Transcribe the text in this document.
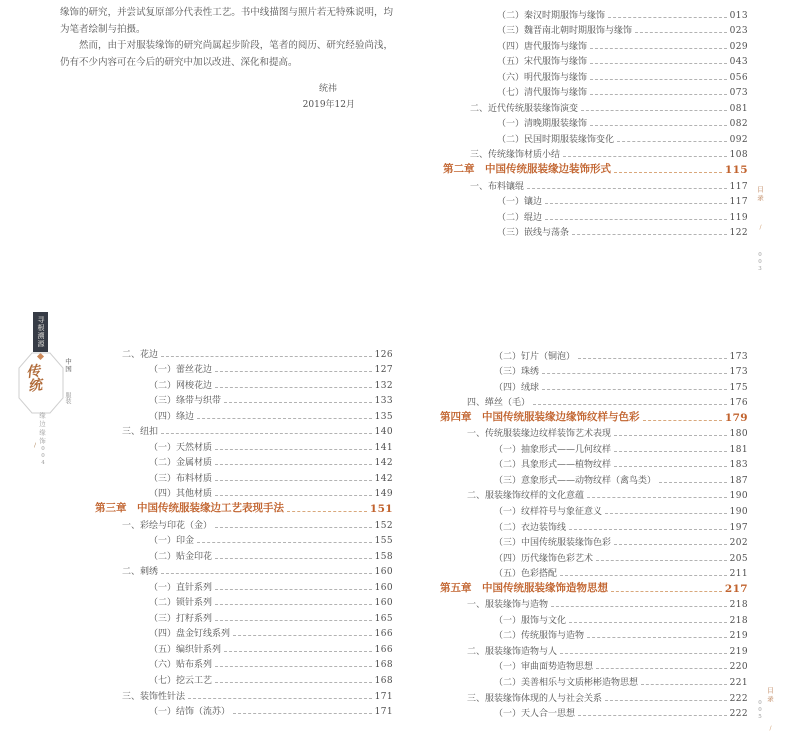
缘饰的研究，并尝试复原部分代表性工艺。书中线描图与照片若无特殊说明，均为笔者绘制与拍摄。

然而，由于对服装缘饰的研究尚属起步阶段，笔者的阅历、研究经验尚浅，仍有不少内容可在今后的研究中加以改进、深化和提高。

统祎
2019年12月
（二）秦汉时期服饰与缘饰	013
（三）魏晋南北朝时期服饰与缘饰	023
（四）唐代服饰与缘饰	029
（五）宋代服饰与缘饰	043
（六）明代服饰与缘饰	056
（七）清代服饰与缘饰	073
二、近代传统服装缘饰演变	081
（一）清晚期服装缘饰	082
（二）民国时期服装缘饰变化	092
三、传统缘饰材质小结	108
第二章　中国传统服装缘边装饰形式	115
一、布料镶绲	117
（一）镶边	117
（二）绲边	119
（三）嵌线与荡条	122
二、花边	126
（一）蕾丝花边	127
（二）网梭花边	132
（三）绦带与织带	133
（四）绦边	135
三、纽扣	140
（一）天然材质	141
（二）金属材质	142
（三）布料材质	142
（四）其他材质	149
第三章　中国传统服装缘边工艺表现手法	151
一、彩绘与印花（金）	152
（一）印金	155
（二）贴金印花	158
二、刺绣	160
（一）直针系列	160
（二）锁针系列	160
（三）打籽系列	165
（四）盘金钉线系列	166
（五）编织针系列	166
（六）贴布系列	168
（七）挖云工艺	168
三、装饰性针法	171
（一）结饰（流苏）	171
（二）钉片（铜泡）	173
（三）珠绣	173
（四）绒球	175
四、缂丝（毛）	176
第四章　中国传统服装缘边缘饰纹样与色彩	179
一、传统服装缘边纹样装饰艺术表现	180
（一）抽象形式——几何纹样	181
（二）具象形式——植物纹样	183
（三）意象形式——动物纹样（禽鸟类）	187
二、服装缘饰纹样的文化意蕴	190
（一）纹样符号与象征意义	190
（二）衣边装饰线	197
（三）中国传统服装缘饰色彩	202
（四）历代缘饰色彩艺术	205
（五）色彩搭配	211
第五章　中国传统服装缘饰造物思想	217
一、服装缘饰与造物	218
（一）服饰与文化	218
（二）传统服饰与造物	219
二、服装缘饰造物与人	219
（一）审曲面势造物思想	220
（二）美善相乐与文质彬彬造物思想	221
三、服装缘饰体现的人与社会关系	222
（一）天人合一思想	222
目录 ∕ 003
目录 ∕ 005
寻根溯源
中国
传统
服装
缘边缘饰
∕
004
